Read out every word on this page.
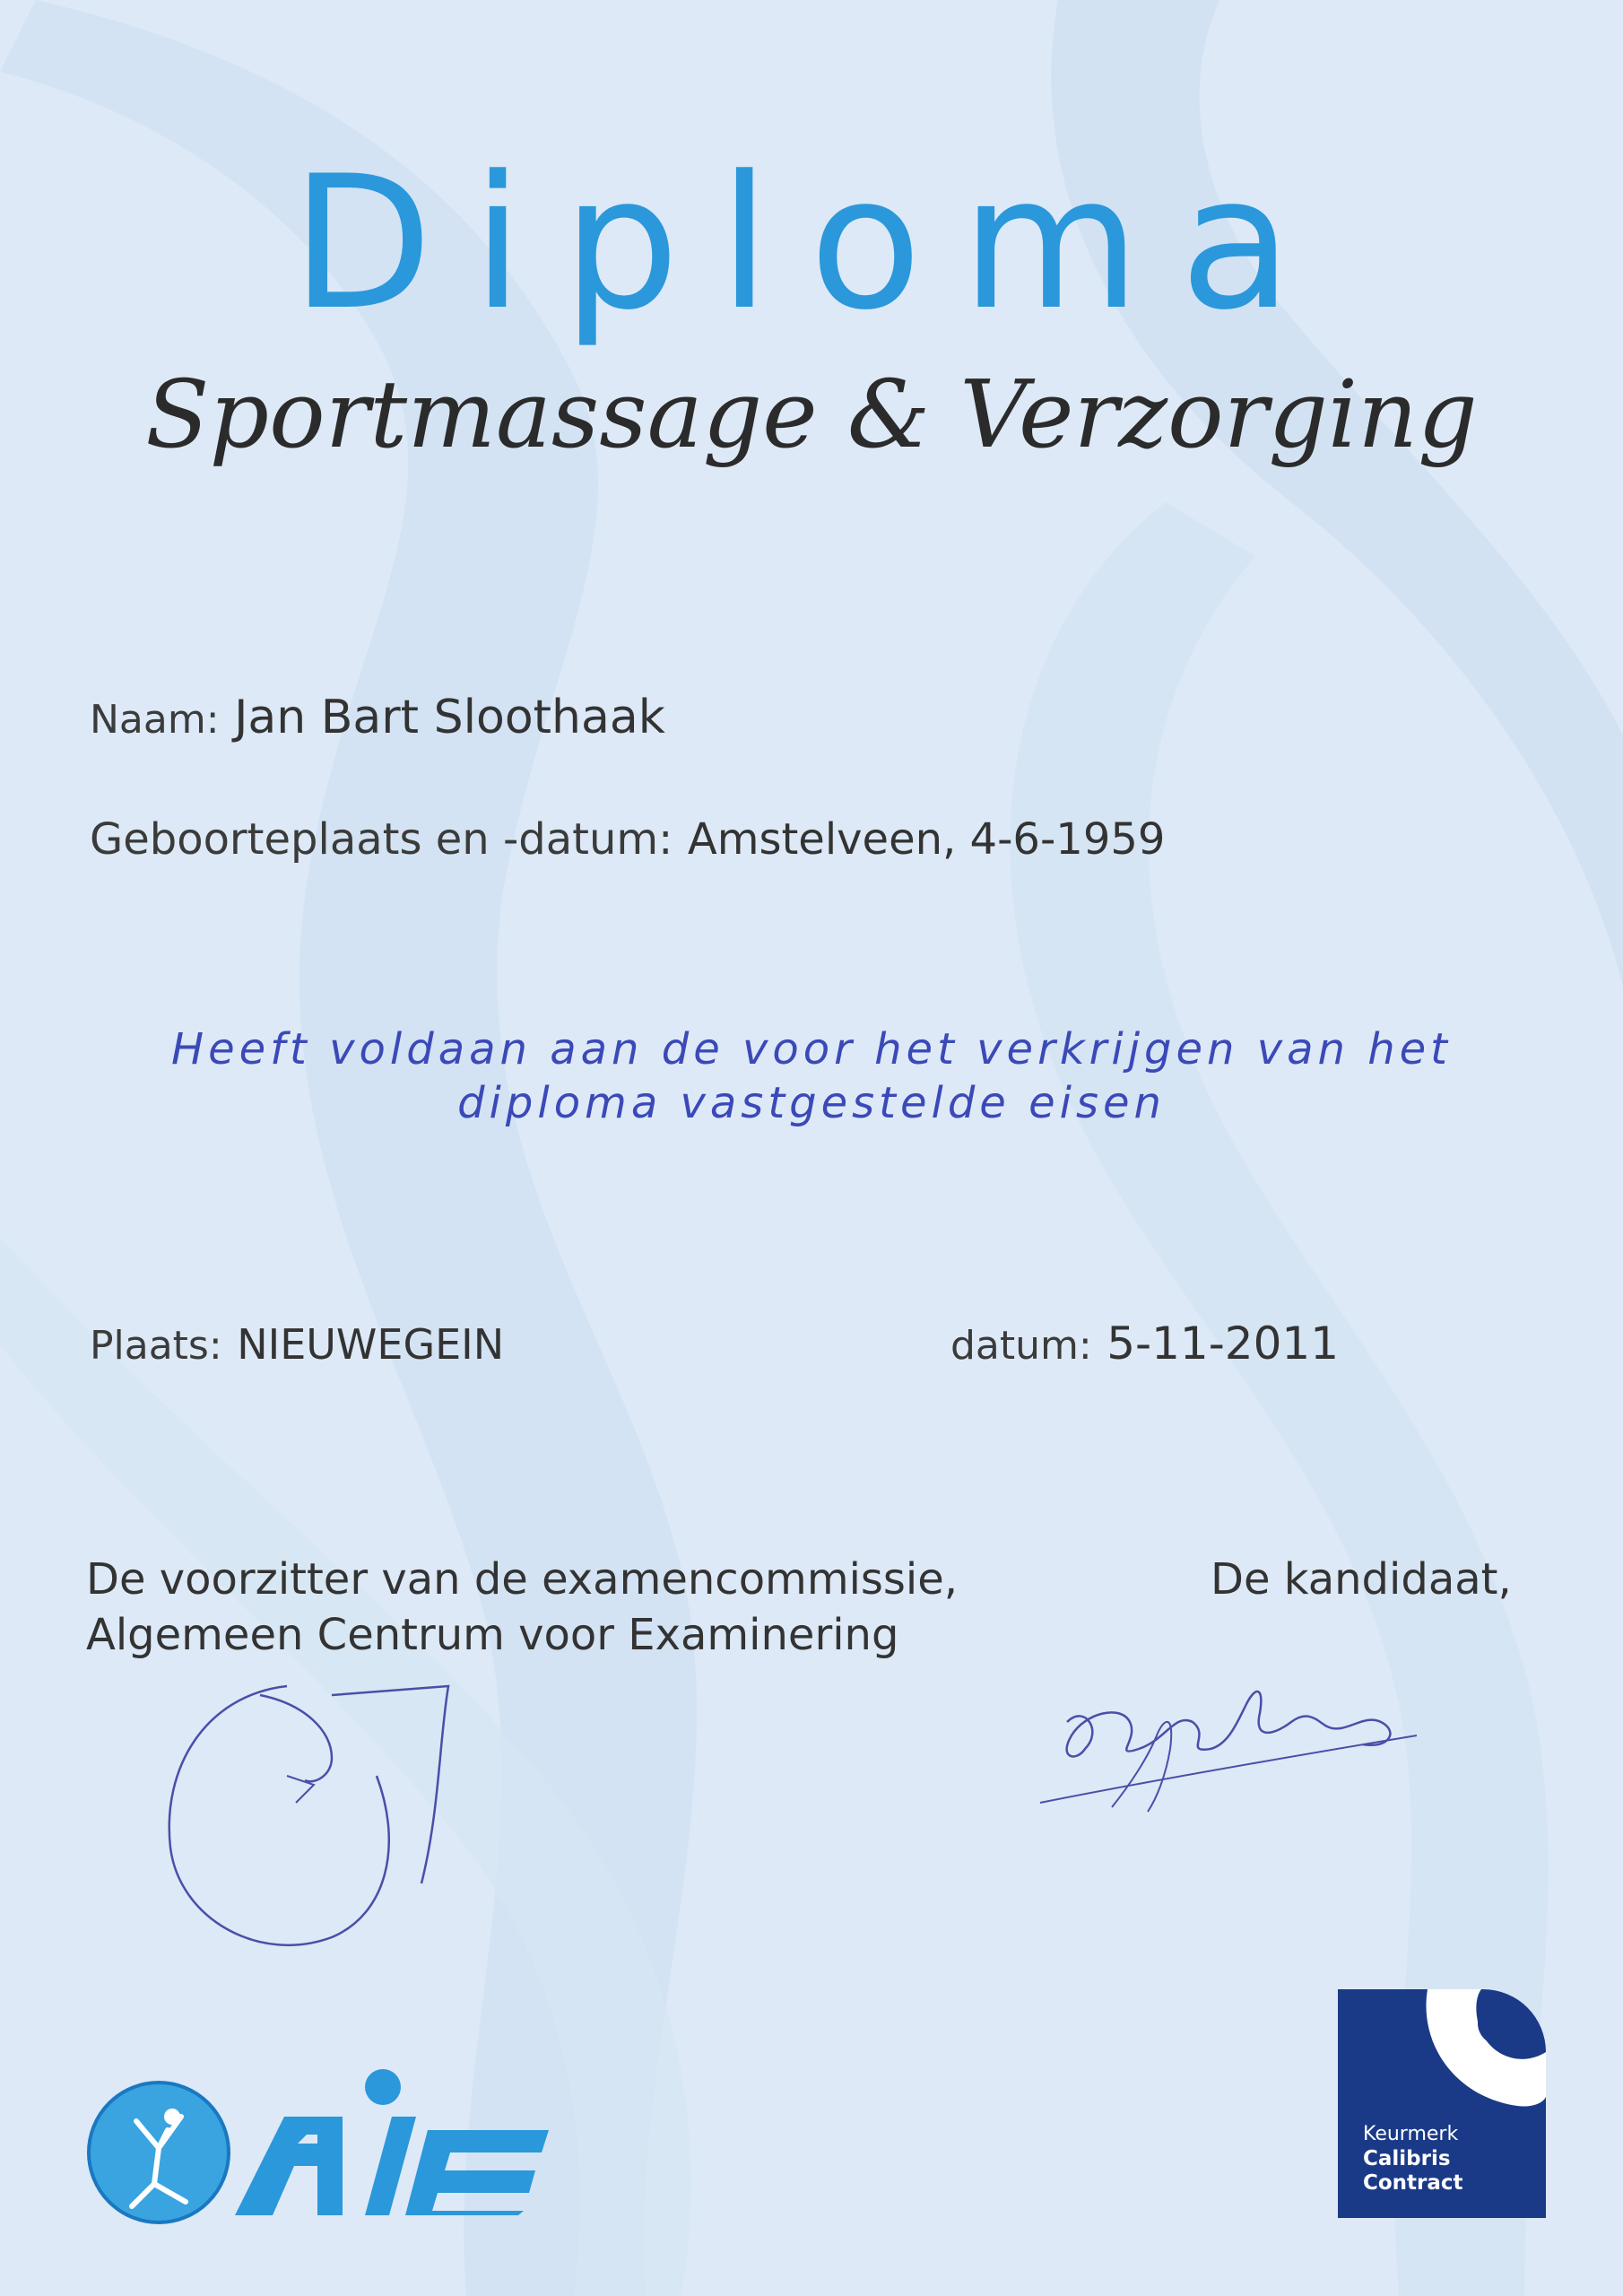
Diploma
Sportmassage & Verzorging
Naam: Jan Bart Slootha​ak
Geboorteplaats en -datum: Amstelveen, 4-6-1959
Heeft voldaan aan de voor het verkrijgen van het
diploma vastgestelde eisen
Plaats: NIEUWEGEIN	datum: 5-11-2011
De voorzitter van de examencommissie,
Algemeen Centrum voor Examinering
De kandidaat,
ACE
Keurmerk
Calibris Contract
